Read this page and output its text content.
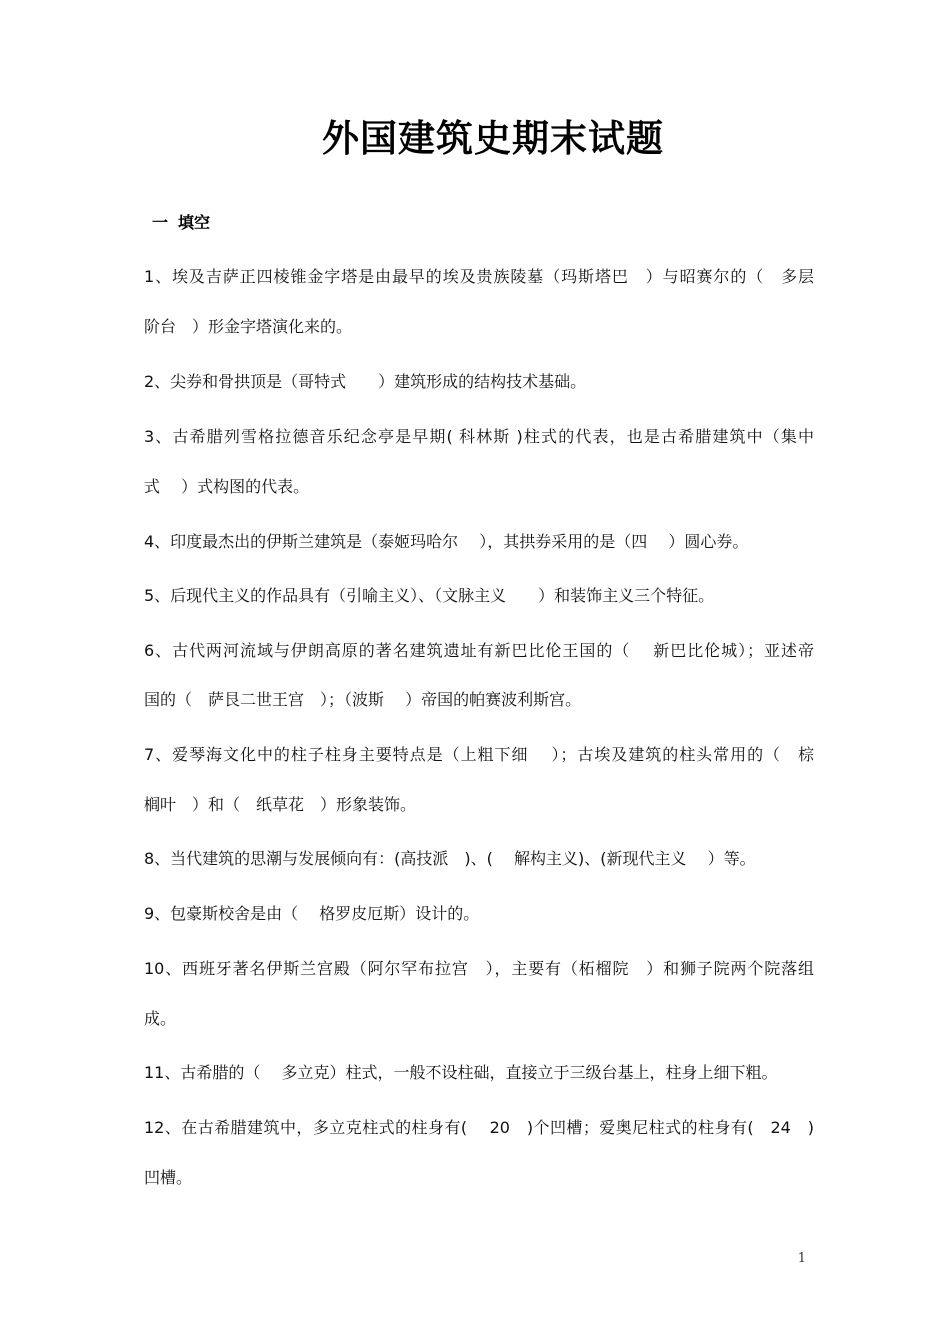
外国建筑史期末试题
一 填空
1、埃及吉萨正四棱锥金字塔是由最早的埃及贵族陵墓（玛斯塔巴　）与昭赛尔的（　多层
阶台　）形金字塔演化来的。
2、尖券和骨拱顶是（哥特式　　）建筑形成的结构技术基础。
3、古希腊列雪格拉德音乐纪念亭是早期( 科林斯 )柱式的代表，也是古希腊建筑中（集中
式　 ）式构图的代表。
4、印度最杰出的伊斯兰建筑是（泰姬玛哈尔　 ），其拱券采用的是（四　 ）圆心券。
5、后现代主义的作品具有（引喻主义）、（文脉主义　　）和装饰主义三个特征。
6、古代两河流域与伊朗高原的著名建筑遗址有新巴比伦王国的（　 新巴比伦城）；亚述帝
国的（　萨艮二世王宫　）；（波斯　 ）帝国的帕赛波利斯宫。
7、爱琴海文化中的柱子柱身主要特点是（上粗下细　 ）；古埃及建筑的柱头常用的（　棕
榈叶　）和（　纸草花　）形象装饰。
8、当代建筑的思潮与发展倾向有：(高技派　)、(　 解构主义)、(新现代主义　 ）等。
9、包豪斯校舍是由（　 格罗皮厄斯）设计的。
10、西班牙著名伊斯兰宫殿（阿尔罕布拉宫　），主要有（柘榴院　）和狮子院两个院落组
成。
11、古希腊的（　 多立克）柱式，一般不设柱础，直接立于三级台基上，柱身上细下粗。
12、在古希腊建筑中，多立克柱式的柱身有(　 20　)个凹槽；爱奥尼柱式的柱身有(　24　)
凹槽。
1
